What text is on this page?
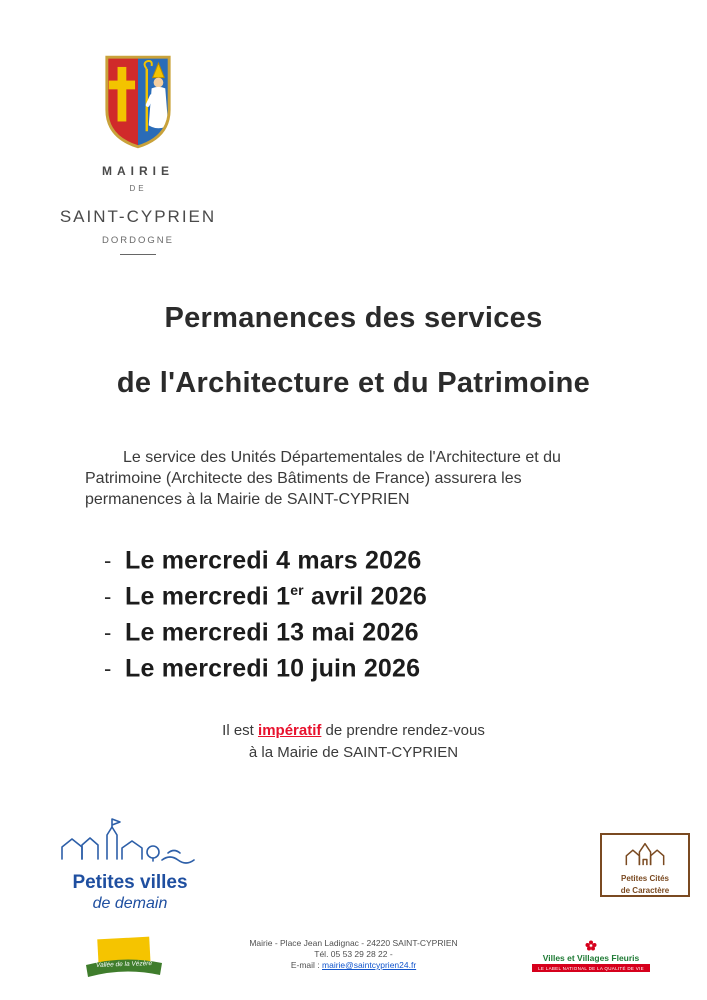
MAIRIE
DE
SAINT-CYPRIEN
DORDOGNE
Permanences des services
de l'Architecture et du Patrimoine
Le service des Unités Départementales de l'Architecture et du
Patrimoine (Architecte des Bâtiments de France) assurera les
permanences à la Mairie de SAINT-CYPRIEN
- Le mercredi 4 mars 2026
- Le mercredi 1er avril 2026
- Le mercredi 13 mai 2026
- Le mercredi 10 juin 2026
Il est impératif de prendre rendez-vous
à la Mairie de SAINT-CYPRIEN
Petites villes
de demain
Petites Cités
de Caractère
Vallée de la Vézère
Mairie - Place Jean Ladignac - 24220 SAINT-CYPRIEN
Tél. 05 53 29 28 22 -
E-mail : mairie@saintcyprien24.fr
Villes et Villages Fleuris
LE LABEL NATIONAL DE LA QUALITÉ DE VIE
